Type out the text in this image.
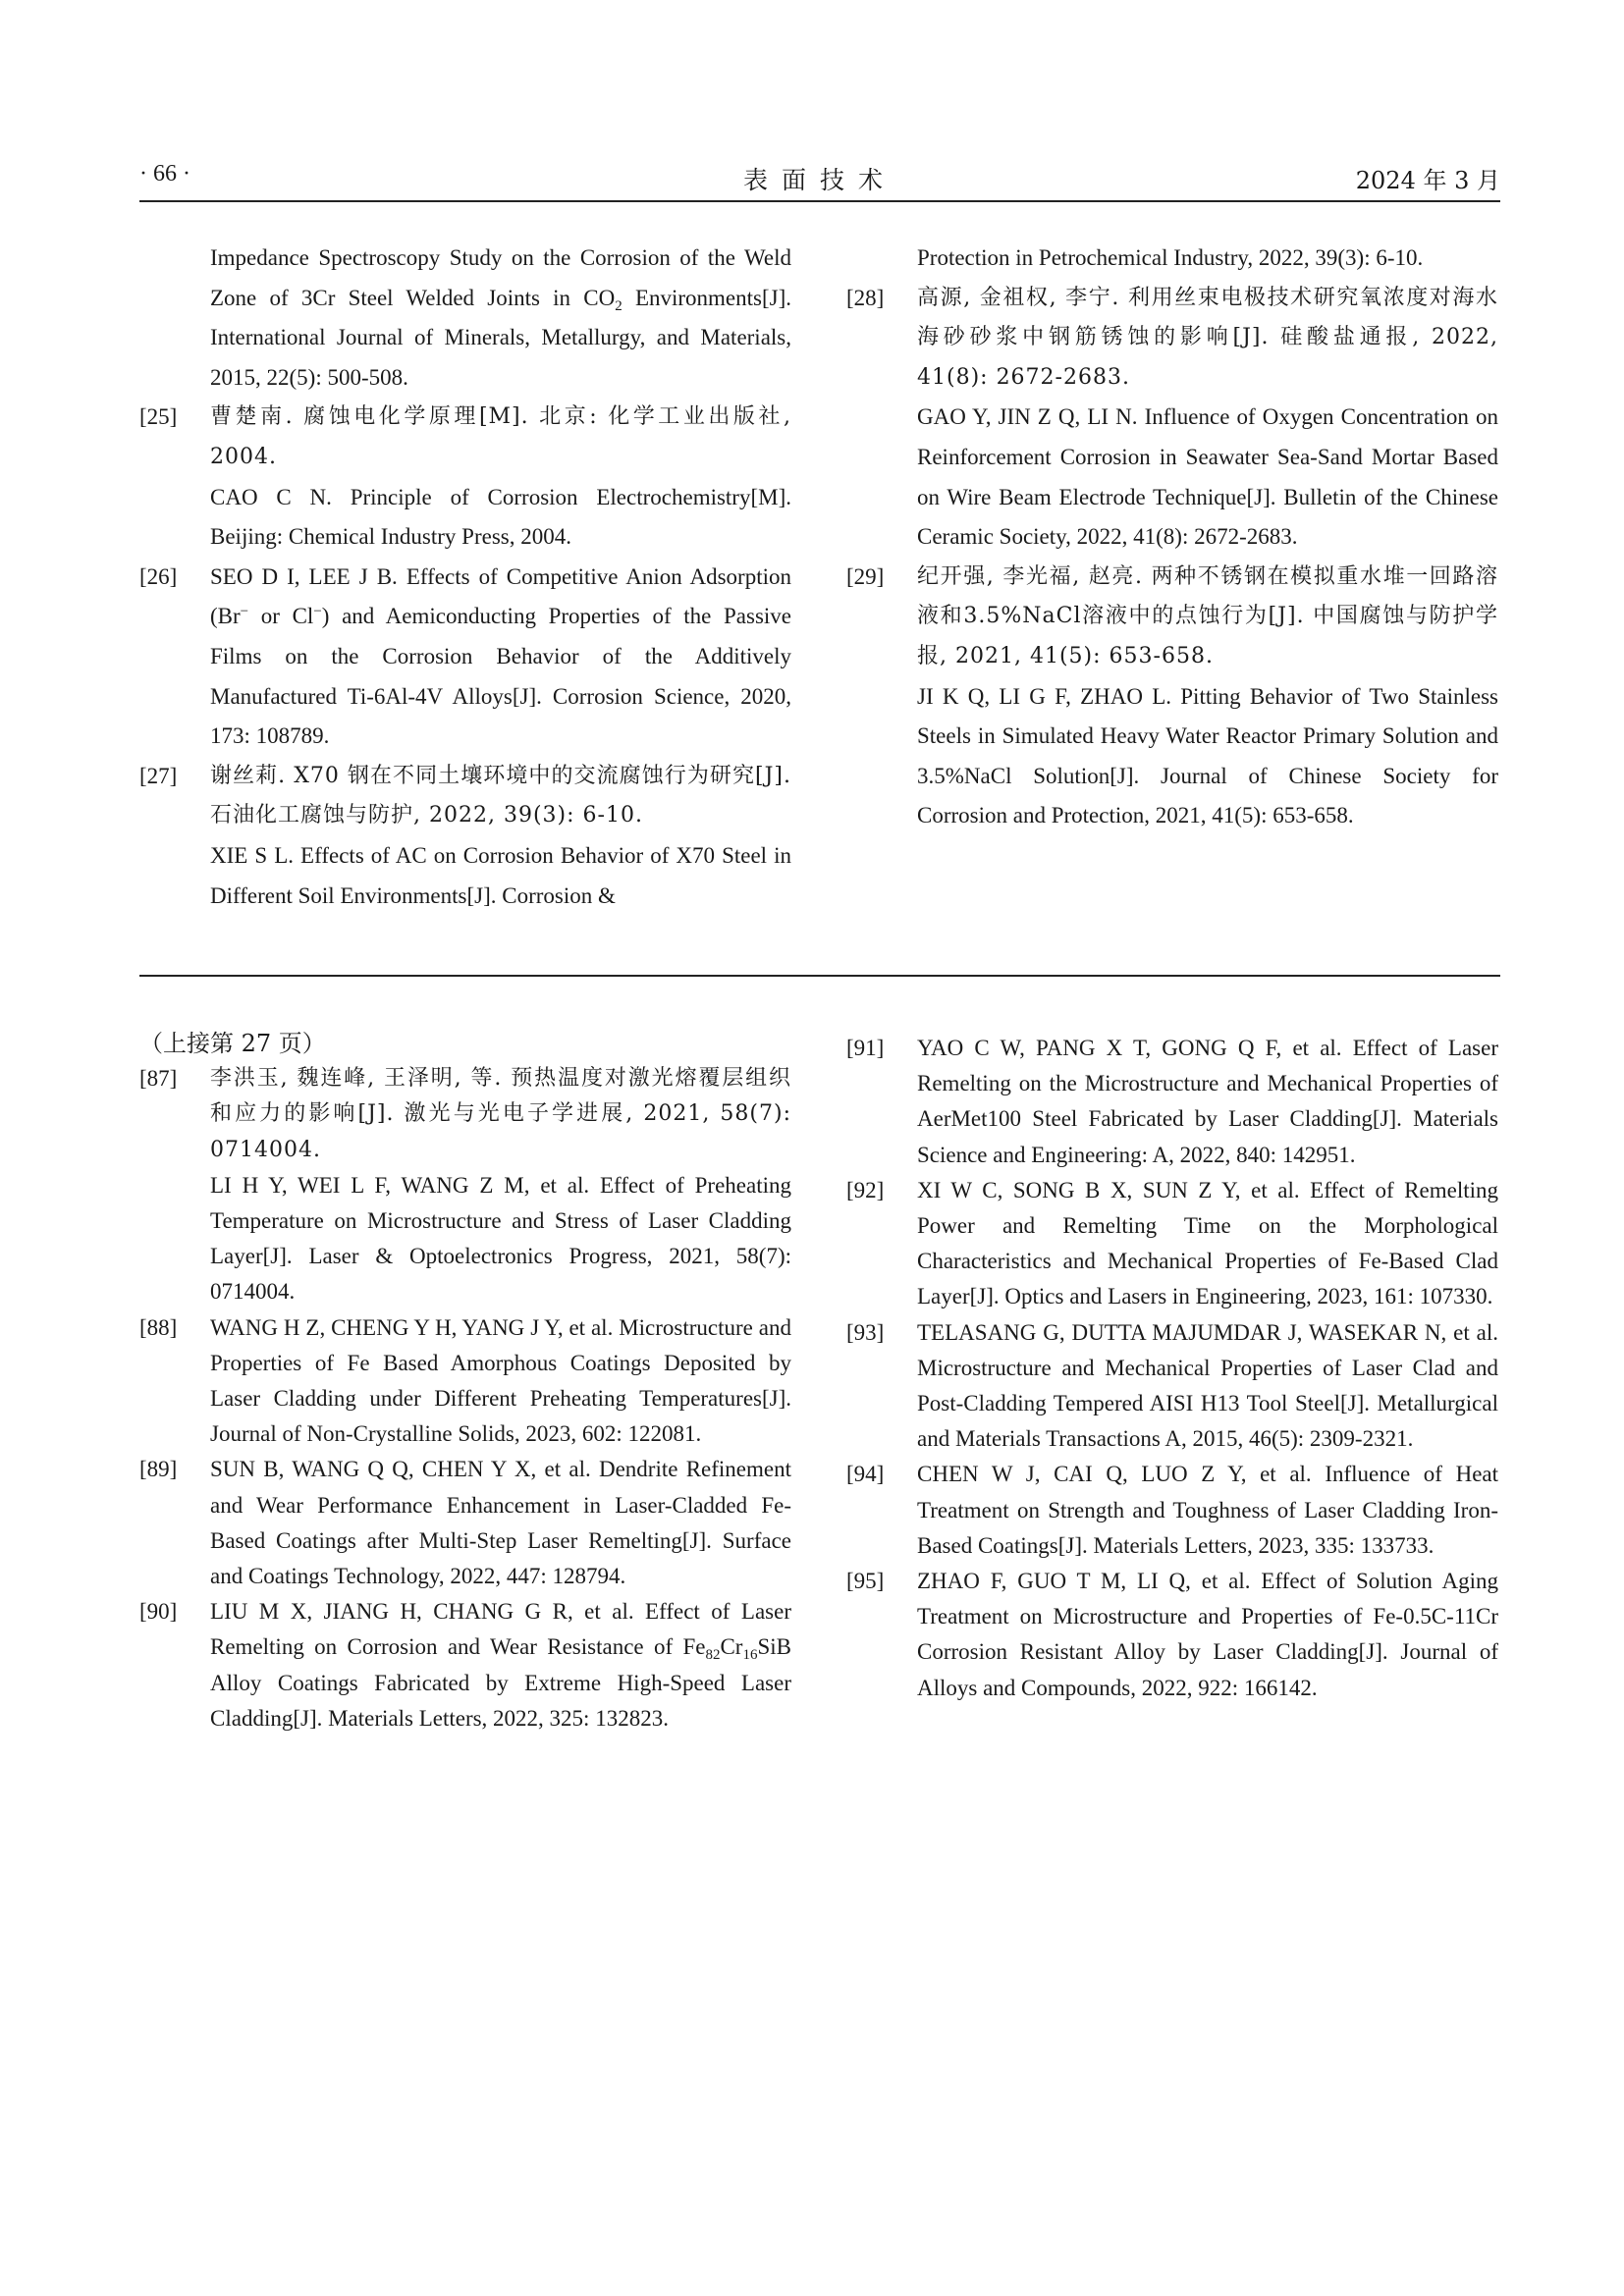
· 66 ·	表面技术	2024 年 3 月

Impedance Spectroscopy Study on the Corrosion of the Weld Zone of 3Cr Steel Welded Joints in $CO_2$ Environments[J]. International Journal of Minerals, Metallurgy, and Materials, 2015, 22(5): 500-508.

[25] 曹楚南. 腐蚀电化学原理[M]. 北京: 化学工业出版社, 2004.

CAO C N. Principle of Corrosion Electrochemistry[M]. Beijing: Chemical Industry Press, 2004.

[26] SEO D I, LEE J B. Effects of Competitive Anion Adsorption (Br− or Cl−) and Aemiconducting Properties of the Passive Films on the Corrosion Behavior of the Additively Manufactured Ti-6Al-4V Alloys[J]. Corrosion Science, 2020, 173: 108789.

[27] 谢丝莉. X70 钢在不同土壤环境中的交流腐蚀行为研究[J]. 石油化工腐蚀与防护, 2022, 39(3): 6-10.

XIE S L. Effects of AC on Corrosion Behavior of X70 Steel in Different Soil Environments[J]. Corrosion &

Protection in Petrochemical Industry, 2022, 39(3): 6-10.

[28] 高源, 金祖权, 李宁. 利用丝束电极技术研究氧浓度对海水海砂砂浆中钢筋锈蚀的影响[J]. 硅酸盐通报, 2022, 41(8): 2672-2683.

GAO Y, JIN Z Q, LI N. Influence of Oxygen Concentration on Reinforcement Corrosion in Seawater Sea-Sand Mortar Based on Wire Beam Electrode Technique[J]. Bulletin of the Chinese Ceramic Society, 2022, 41(8): 2672-2683.

[29] 纪开强, 李光福, 赵亮. 两种不锈钢在模拟重水堆一回路溶液和3.5%NaCl溶液中的点蚀行为[J]. 中国腐蚀与防护学报, 2021, 41(5): 653-658.

JI K Q, LI G F, ZHAO L. Pitting Behavior of Two Stainless Steels in Simulated Heavy Water Reactor Primary Solution and 3.5%NaCl Solution[J]. Journal of Chinese Society for Corrosion and Protection, 2021, 41(5): 653-658.

（上接第 27 页）
[87] 李洪玉, 魏连峰, 王泽明, 等. 预热温度对激光熔覆层组织和应力的影响[J]. 激光与光电子学进展, 2021, 58(7): 0714004.

LI H Y, WEI L F, WANG Z M, et al. Effect of Preheating Temperature on Microstructure and Stress of Laser Cladding Layer[J]. Laser & Optoelectronics Progress, 2021, 58(7): 0714004.

[88] WANG H Z, CHENG Y H, YANG J Y, et al. Microstructure and Properties of Fe Based Amorphous Coatings Deposited by Laser Cladding under Different Preheating Temperatures[J]. Journal of Non-Crystalline Solids, 2023, 602: 122081.

[89] SUN B, WANG Q Q, CHEN Y X, et al. Dendrite Refinement and Wear Performance Enhancement in Laser-Cladded Fe-Based Coatings after Multi-Step Laser Remelting[J]. Surface and Coatings Technology, 2022, 447: 128794.

[90] LIU M X, JIANG H, CHANG G R, et al. Effect of Laser Remelting on Corrosion and Wear Resistance of $Fe_{82}Cr_{16}SiB$ Alloy Coatings Fabricated by Extreme High-Speed Laser Cladding[J]. Materials Letters, 2022, 325: 132823.

[91] YAO C W, PANG X T, GONG Q F, et al. Effect of Laser Remelting on the Microstructure and Mechanical Properties of AerMet100 Steel Fabricated by Laser Cladding[J]. Materials Science and Engineering: A, 2022, 840: 142951.

[92] XI W C, SONG B X, SUN Z Y, et al. Effect of Remelting Power and Remelting Time on the Morphological Characteristics and Mechanical Properties of Fe-Based Clad Layer[J]. Optics and Lasers in Engineering, 2023, 161: 107330.

[93] TELASANG G, DUTTA MAJUMDAR J, WASEKAR N, et al. Microstructure and Mechanical Properties of Laser Clad and Post-Cladding Tempered AISI H13 Tool Steel[J]. Metallurgical and Materials Transactions A, 2015, 46(5): 2309-2321.

[94] CHEN W J, CAI Q, LUO Z Y, et al. Influence of Heat Treatment on Strength and Toughness of Laser Cladding Iron-Based Coatings[J]. Materials Letters, 2023, 335: 133733.

[95] ZHAO F, GUO T M, LI Q, et al. Effect of Solution Aging Treatment on Microstructure and Properties of Fe-0.5C-11Cr Corrosion Resistant Alloy by Laser Cladding[J]. Journal of Alloys and Compounds, 2022, 922: 166142.
